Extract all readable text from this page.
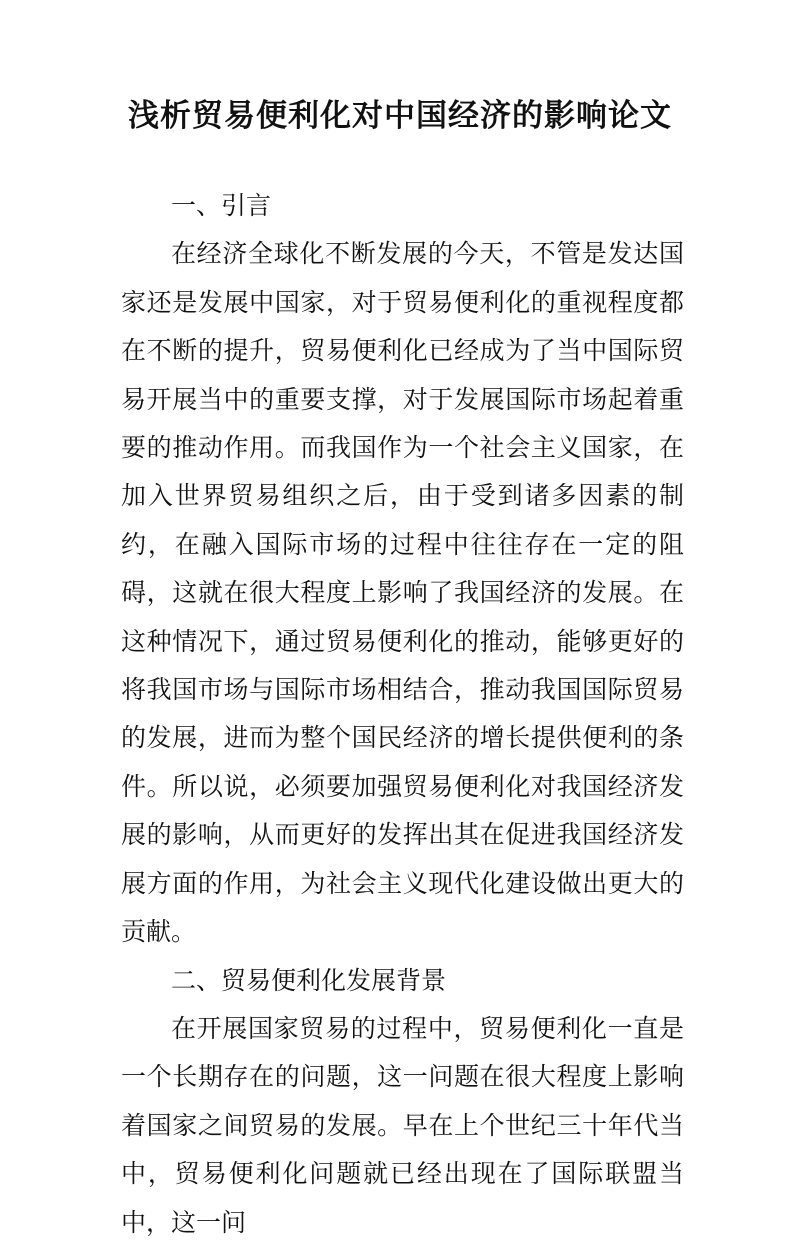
浅析贸易便利化对中国经济的影响论文

一、引言

在经济全球化不断发展的今天，不管是发达国家还是发展中国家，对于贸易便利化的重视程度都在不断的提升，贸易便利化已经成为了当中国际贸易开展当中的重要支撑，对于发展国际市场起着重要的推动作用。而我国作为一个社会主义国家，在加入世界贸易组织之后，由于受到诸多因素的制约，在融入国际市场的过程中往往存在一定的阻碍，这就在很大程度上影响了我国经济的发展。在这种情况下，通过贸易便利化的推动，能够更好的将我国市场与国际市场相结合，推动我国国际贸易的发展，进而为整个国民经济的增长提供便利的条件。所以说，必须要加强贸易便利化对我国经济发展的影响，从而更好的发挥出其在促进我国经济发展方面的作用，为社会主义现代化建设做出更大的贡献。

二、贸易便利化发展背景

在开展国家贸易的过程中，贸易便利化一直是一个长期存在的问题，这一问题在很大程度上影响着国家之间贸易的发展。早在上个世纪三十年代当中，贸易便利化问题就已经出现在了国际联盟当中，这一问
